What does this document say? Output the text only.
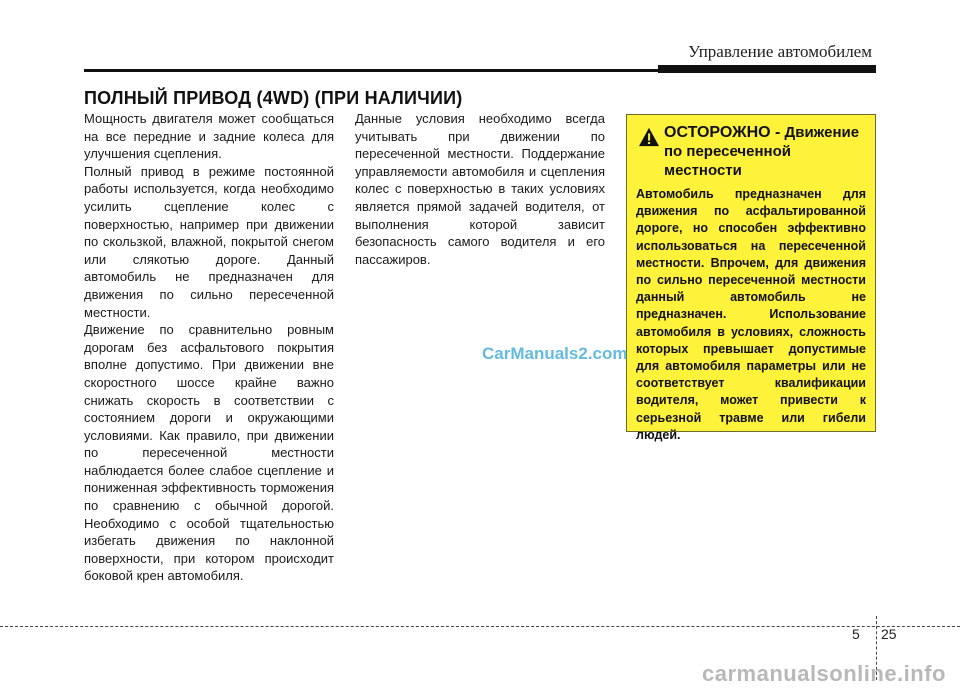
Управление автомобилем
ПОЛНЫЙ ПРИВОД (4WD) (ПРИ НАЛИЧИИ)

Мощность двигателя может сообщаться на все передние и задние колеса для улучшения сцепления.

Полный привод в режиме постоянной работы используется, когда необходимо усилить сцепление колес с поверхностью, например при движении по скользкой, влажной, покрытой снегом или слякотью дороге. Данный автомобиль не предназначен для движения по сильно пересеченной местности.

Движение по сравнительно ровным дорогам без асфальтового покрытия вполне допустимо. При движении вне скоростного шоссе крайне важно снижать скорость в соответствии с состоянием дороги и окружающими условиями. Как правило, при движении по пересеченной местности наблюдается более слабое сцепление и пониженная эффективность торможения по сравнению с обычной дорогой. Необходимо с особой тщательностью избегать движения по наклонной поверхности, при котором происходит боковой крен автомобиля.

Данные условия необходимо всегда учитывать при движении по пересеченной местности. Поддержание управляемости автомобиля и сцепления колес с поверхностью в таких условиях является прямой задачей водителя, от выполнения которой зависит безопасность самого водителя и его пассажиров.

ОСТОРОЖНО - Движение по пересеченной местности

Автомобиль предназначен для движения по асфальтированной дороге, но способен эффективно использоваться на пересеченной местности. Впрочем, для движения по сильно пересеченной местности данный автомобиль не предназначен. Использование автомобиля в условиях, сложность которых превышает допустимые для автомобиля параметры или не соответствует квалификации водителя, может привести к серьезной травме или гибели людей.

CarManuals2.com
5 25
carmanualsonline.info
